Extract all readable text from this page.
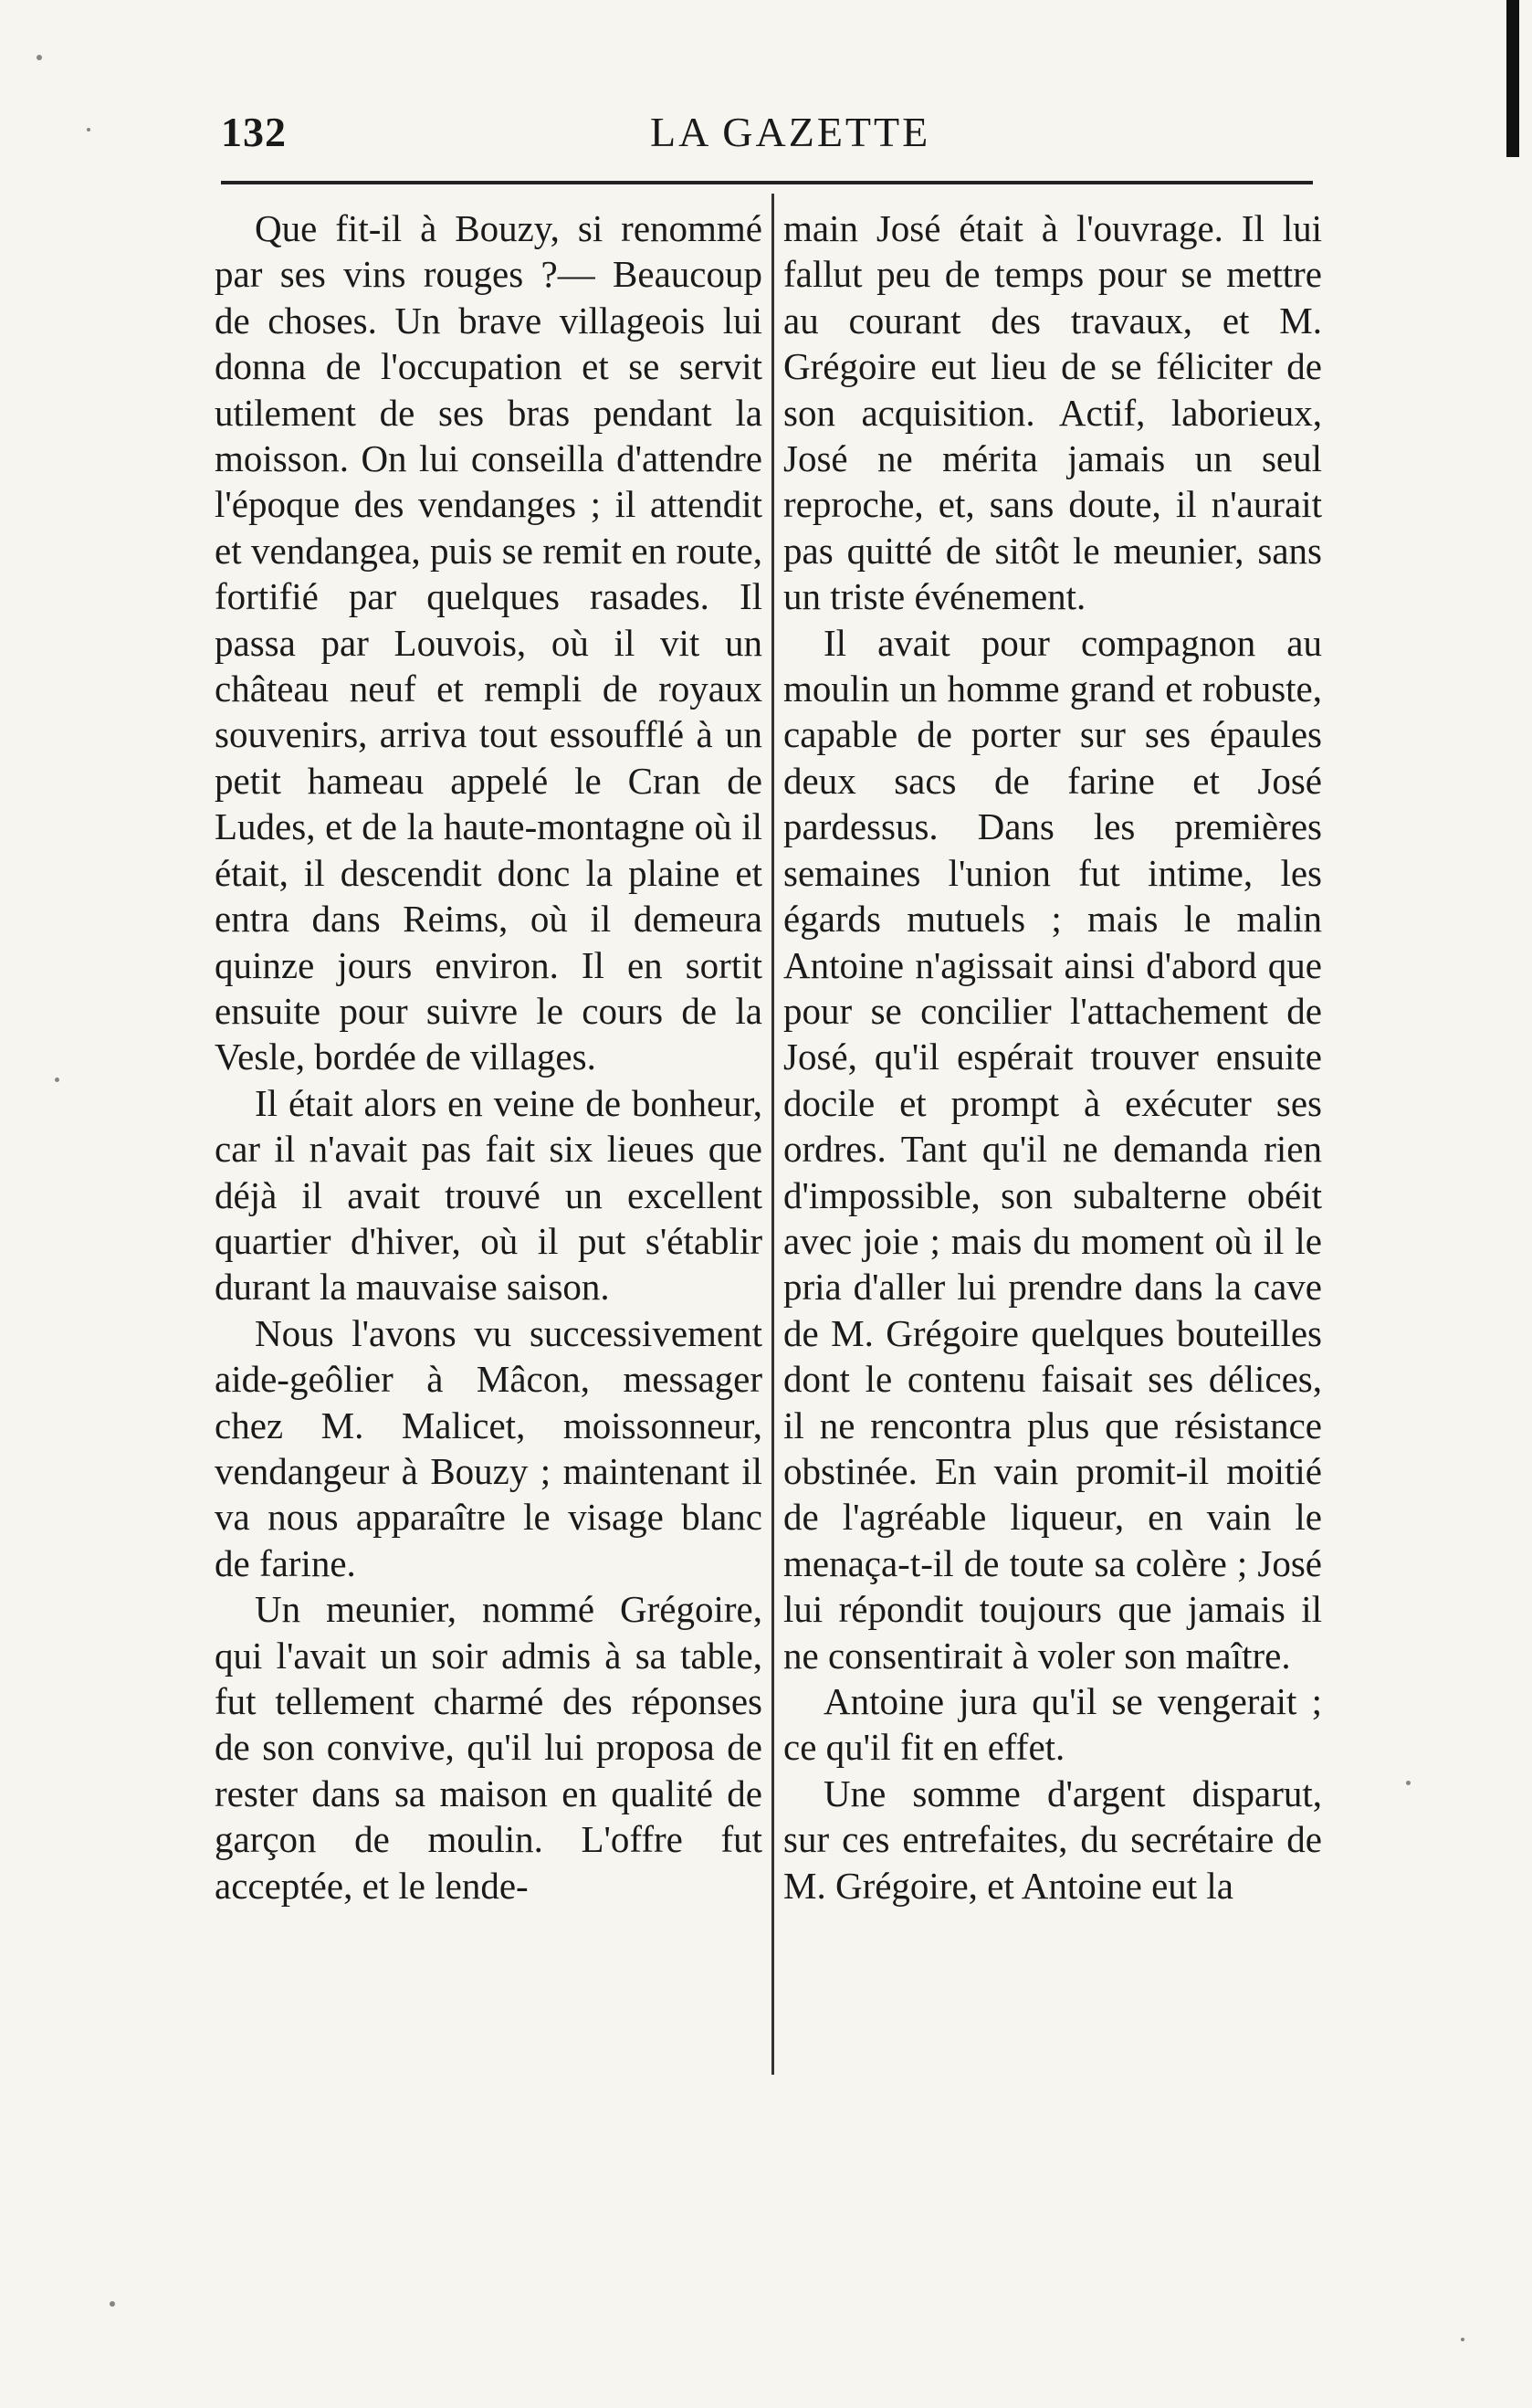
132	LA GAZETTE

Que fit-il à Bouzy, si renommé par ses vins rouges ?— Beaucoup de choses. Un brave villageois lui donna de l'occupation et se servit utilement de ses bras pendant la moisson. On lui conseilla d'attendre l'époque des vendanges ; il attendit et vendangea, puis se remit en route, fortifié par quelques rasades. Il passa par Louvois, où il vit un château neuf et rempli de royaux souvenirs, arriva tout essoufflé à un petit hameau appelé le Cran de Ludes, et de la haute-montagne où il était, il descendit donc la plaine et entra dans Reims, où il demeura quinze jours environ. Il en sortit ensuite pour suivre le cours de la Vesle, bordée de villages.

Il était alors en veine de bonheur, car il n'avait pas fait six lieues que déjà il avait trouvé un excellent quartier d'hiver, où il put s'établir durant la mauvaise saison.

Nous l'avons vu successivement aide-geôlier à Mâcon, messager chez M. Malicet, moissonneur, vendangeur à Bouzy ; maintenant il va nous apparaître le visage blanc de farine.

Un meunier, nommé Grégoire, qui l'avait un soir admis à sa table, fut tellement charmé des réponses de son convive, qu'il lui proposa de rester dans sa maison en qualité de garçon de moulin. L'offre fut acceptée, et le lende-

main José était à l'ouvrage. Il lui fallut peu de temps pour se mettre au courant des travaux, et M. Grégoire eut lieu de se féliciter de son acquisition. Actif, laborieux, José ne mérita jamais un seul reproche, et, sans doute, il n'aurait pas quitté de sitôt le meunier, sans un triste événement.

Il avait pour compagnon au moulin un homme grand et robuste, capable de porter sur ses épaules deux sacs de farine et José pardessus. Dans les premières semaines l'union fut intime, les égards mutuels ; mais le malin Antoine n'agissait ainsi d'abord que pour se concilier l'attachement de José, qu'il espérait trouver ensuite docile et prompt à exécuter ses ordres. Tant qu'il ne demanda rien d'impossible, son subalterne obéit avec joie ; mais du moment où il le pria d'aller lui prendre dans la cave de M. Grégoire quelques bouteilles dont le contenu faisait ses délices, il ne rencontra plus que résistance obstinée. En vain promit-il moitié de l'agréable liqueur, en vain le menaça-t-il de toute sa colère ; José lui répondit toujours que jamais il ne consentirait à voler son maître.

Antoine jura qu'il se vengerait ; ce qu'il fit en effet.

Une somme d'argent disparut, sur ces entrefaites, du secrétaire de M. Grégoire, et Antoine eut la
